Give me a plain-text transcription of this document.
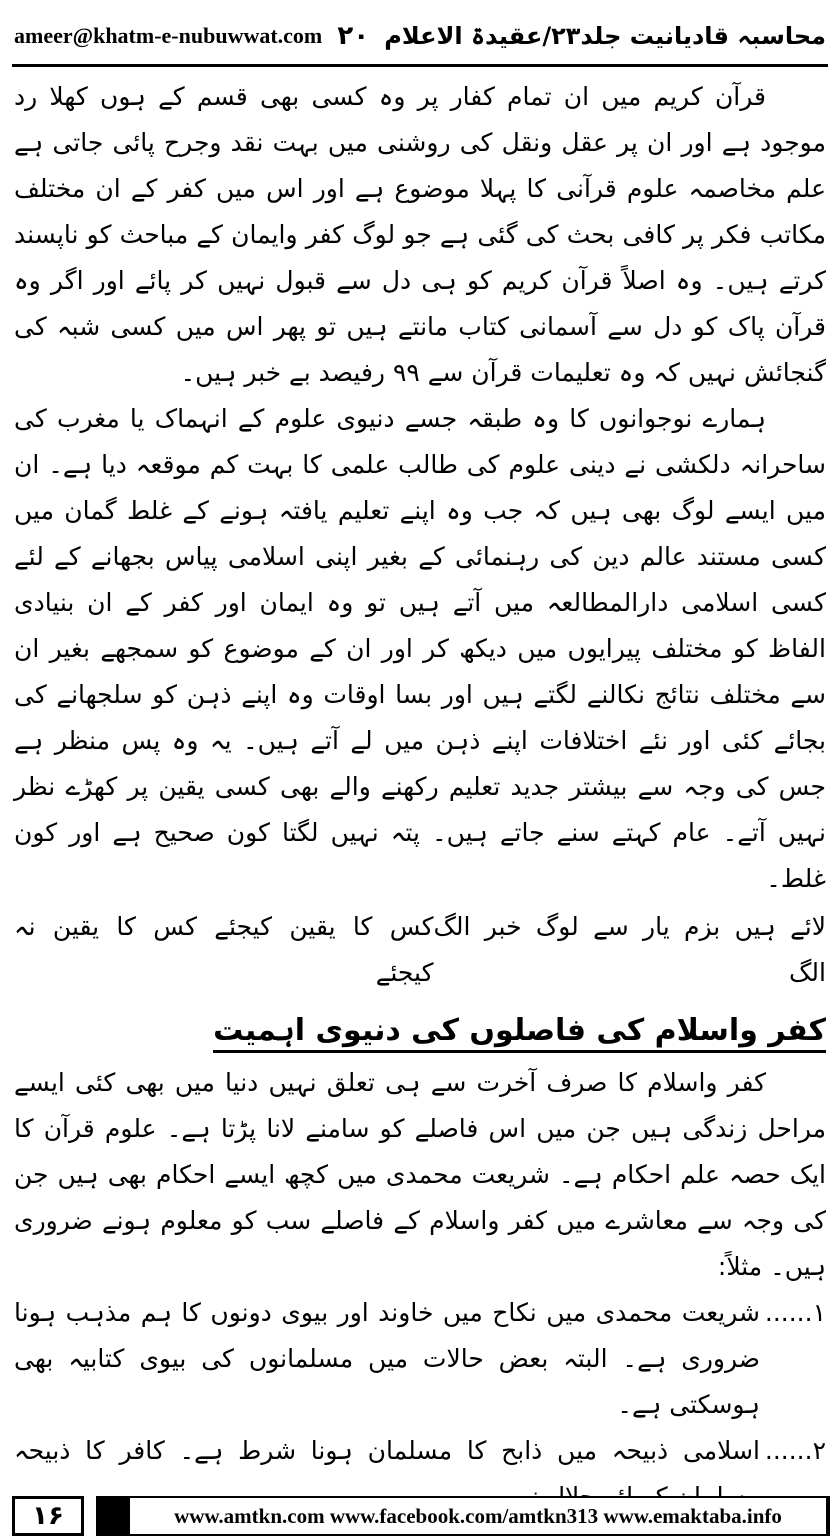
ameer@khatm-e-nubuwwat.com ۲۰ محاسبہ قادیانیت جلد۲۳/عقیدۃ الاعلام

قرآن کریم میں ان تمام کفار پر وہ کسی بھی قسم کے ہوں کھلا رد موجود ہے اور ان پر عقل ونقل کی روشنی میں بہت نقد وجرح پائی جاتی ہے علم مخاصمہ علوم قرآنی کا پہلا موضوع ہے اور اس میں کفر کے ان مختلف مکاتب فکر پر کافی بحث کی گئی ہے جو لوگ کفر وایمان کے مباحث کو ناپسند کرتے ہیں۔ وہ اصلاً قرآن کریم کو ہی دل سے قبول نہیں کر پائے اور اگر وہ قرآن پاک کو دل سے آسمانی کتاب مانتے ہیں تو پھر اس میں کسی شبہ کی گنجائش نہیں کہ وہ تعلیمات قرآن سے ۹۹ رفیصد بے خبر ہیں۔

ہمارے نوجوانوں کا وہ طبقہ جسے دنیوی علوم کے انہماک یا مغرب کی ساحرانہ دلکشی نے دینی علوم کی طالب علمی کا بہت کم موقعہ دیا ہے۔ ان میں ایسے لوگ بھی ہیں کہ جب وہ اپنے تعلیم یافتہ ہونے کے غلط گمان میں کسی مستند عالم دین کی رہنمائی کے بغیر اپنی اسلامی پیاس بجھانے کے لئے کسی اسلامی دارالمطالعہ میں آتے ہیں تو وہ ایمان اور کفر کے ان بنیادی الفاظ کو مختلف پیرایوں میں دیکھ کر اور ان کے موضوع کو سمجھے بغیر ان سے مختلف نتائج نکالنے لگتے ہیں اور بسا اوقات وہ اپنے ذہن کو سلجھانے کی بجائے کئی اور نئے اختلافات اپنے ذہن میں لے آتے ہیں۔ یہ وہ پس منظر ہے جس کی وجہ سے بیشتر جدید تعلیم رکھنے والے بھی کسی یقین پر کھڑے نظر نہیں آتے۔ عام کہتے سنے جاتے ہیں۔ پتہ نہیں لگتا کون صحیح ہے اور کون غلط۔

لائے ہیں بزم یار سے لوگ خبر الگ الگ
کس کا یقین کیجئے کس کا یقین نہ کیجئے
کفر واسلام کی فاصلوں کی دنیوی اہمیت

کفر واسلام کا صرف آخرت سے ہی تعلق نہیں دنیا میں بھی کئی ایسے مراحل زندگی ہیں جن میں اس فاصلے کو سامنے لانا پڑتا ہے۔ علوم قرآن کا ایک حصہ علم احکام ہے۔ شریعت محمدی میں کچھ ایسے احکام بھی ہیں جن کی وجہ سے معاشرے میں کفر واسلام کے فاصلے سب کو معلوم ہونے ضروری ہیں۔ مثلاً:

۱......
شریعت محمدی میں نکاح میں خاوند اور بیوی دونوں کا ہم مذہب ہونا ضروری ہے۔ البتہ بعض حالات میں مسلمانوں کی بیوی کتابیہ بھی ہوسکتی ہے۔
۲......
اسلامی ذبیحہ میں ذابح کا مسلمان ہونا شرط ہے۔ کافر کا ذبیحہ
۱۶	www.amtkn.com www.facebook.com/amtkn313 www.emaktaba.info
